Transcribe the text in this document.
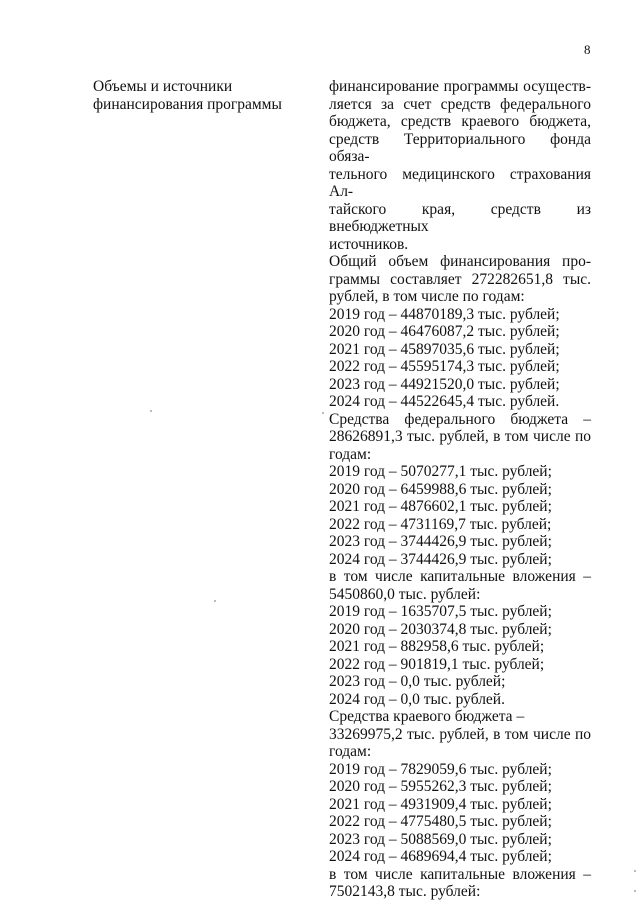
8
Объемы и источники
финансирования программы
финансирование программы осуществ-
ляется за счет средств федерального
бюджета, средств краевого бюджета,
средств Территориального фонда обяза-
тельного медицинского страхования Ал-
тайского края, средств из внебюджетных
источников.
Общий объем финансирования про-
граммы составляет 272282651,8 тыс.
рублей, в том числе по годам:
2019 год – 44870189,3 тыс. рублей;
2020 год – 46476087,2 тыс. рублей;
2021 год – 45897035,6 тыс. рублей;
2022 год – 45595174,3 тыс. рублей;
2023 год – 44921520,0 тыс. рублей;
2024 год – 44522645,4 тыс. рублей.
Средства федерального бюджета –
28626891,3 тыс. рублей, в том числе по
годам:
2019 год – 5070277,1 тыс. рублей;
2020 год – 6459988,6 тыс. рублей;
2021 год – 4876602,1 тыс. рублей;
2022 год – 4731169,7 тыс. рублей;
2023 год – 3744426,9 тыс. рублей;
2024 год – 3744426,9 тыс. рублей;
в том числе капитальные вложения –
5450860,0 тыс. рублей:
2019 год – 1635707,5 тыс. рублей;
2020 год – 2030374,8 тыс. рублей;
2021 год – 882958,6 тыс. рублей;
2022 год – 901819,1 тыс. рублей;
2023 год – 0,0 тыс. рублей;
2024 год – 0,0 тыс. рублей.
Средства краевого бюджета –
33269975,2 тыс. рублей, в том числе по
годам:
2019 год – 7829059,6 тыс. рублей;
2020 год – 5955262,3 тыс. рублей;
2021 год – 4931909,4 тыс. рублей;
2022 год – 4775480,5 тыс. рублей;
2023 год – 5088569,0 тыс. рублей;
2024 год – 4689694,4 тыс. рублей;
в том числе капитальные вложения –
7502143,8 тыс. рублей:
